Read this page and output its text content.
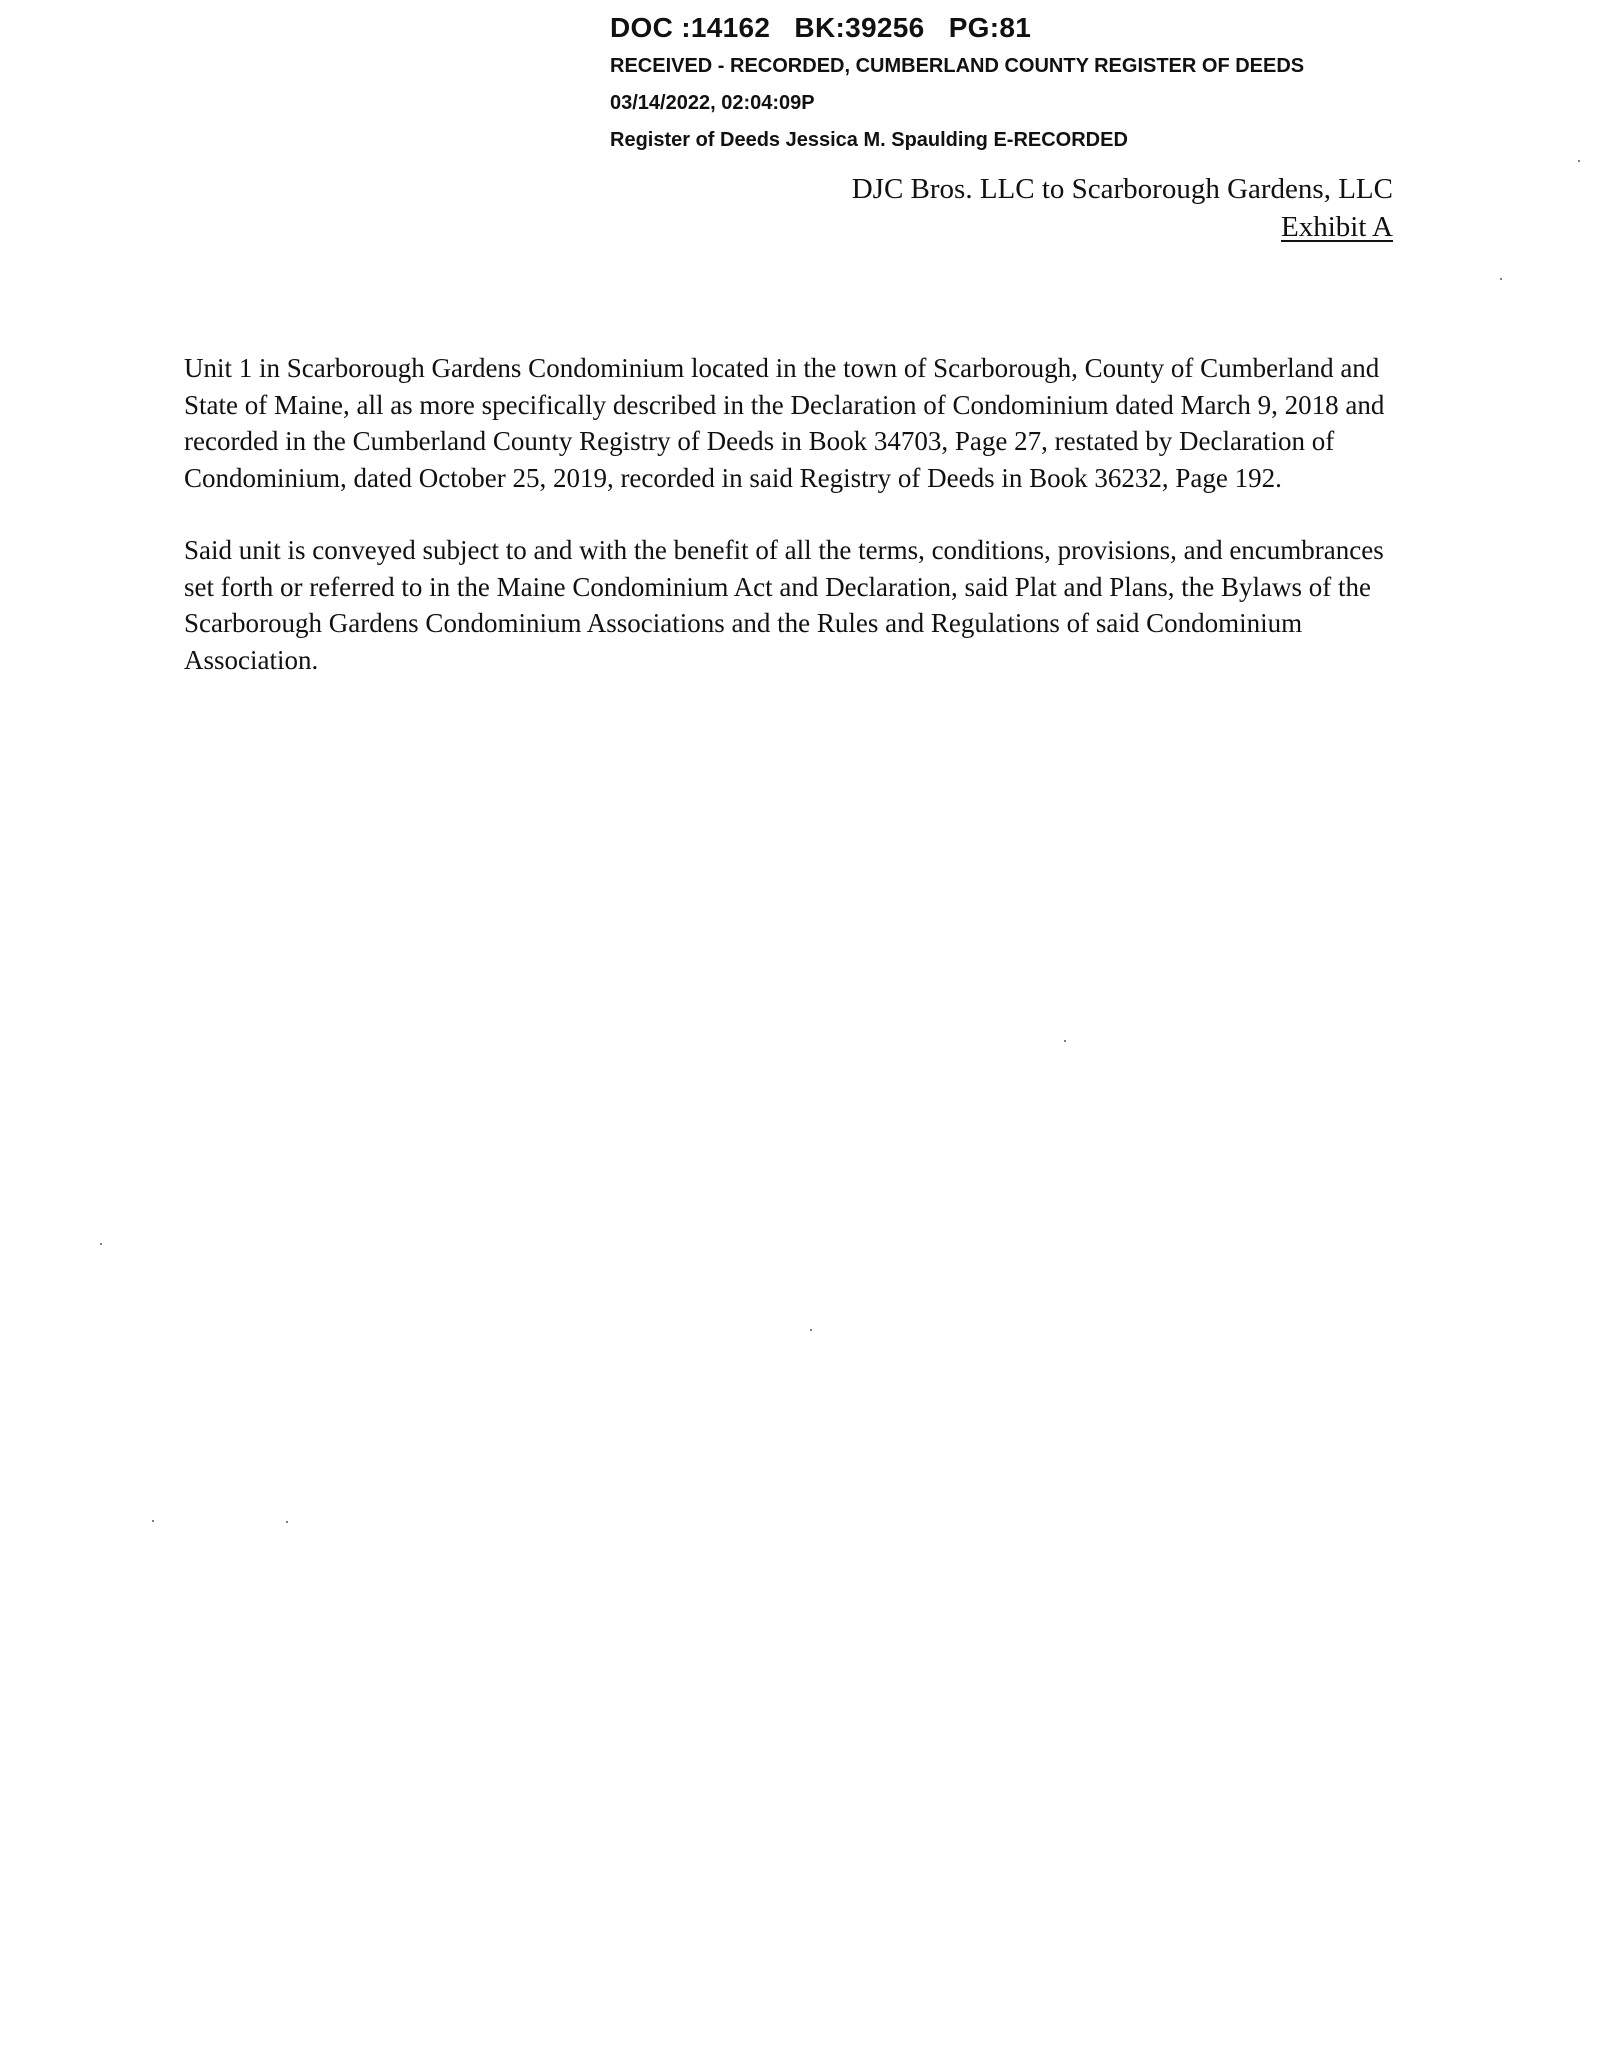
DOC :14162   BK:39256   PG:81
RECEIVED - RECORDED, CUMBERLAND COUNTY REGISTER OF DEEDS
03/14/2022, 02:04:09P
Register of Deeds Jessica M. Spaulding E-RECORDED
DJC Bros. LLC to Scarborough Gardens, LLC
Exhibit A

Unit 1 in Scarborough Gardens Condominium located in the town of Scarborough, County of Cumberland and State of Maine, all as more specifically described in the Declaration of Condominium dated March 9, 2018 and recorded in the Cumberland County Registry of Deeds in Book 34703, Page 27, restated by Declaration of Condominium, dated October 25, 2019, recorded in said Registry of Deeds in Book 36232, Page 192.

Said unit is conveyed subject to and with the benefit of all the terms, conditions, provisions, and encumbrances set forth or referred to in the Maine Condominium Act and Declaration, said Plat and Plans, the Bylaws of the Scarborough Gardens Condominium Associations and the Rules and Regulations of said Condominium Association.
